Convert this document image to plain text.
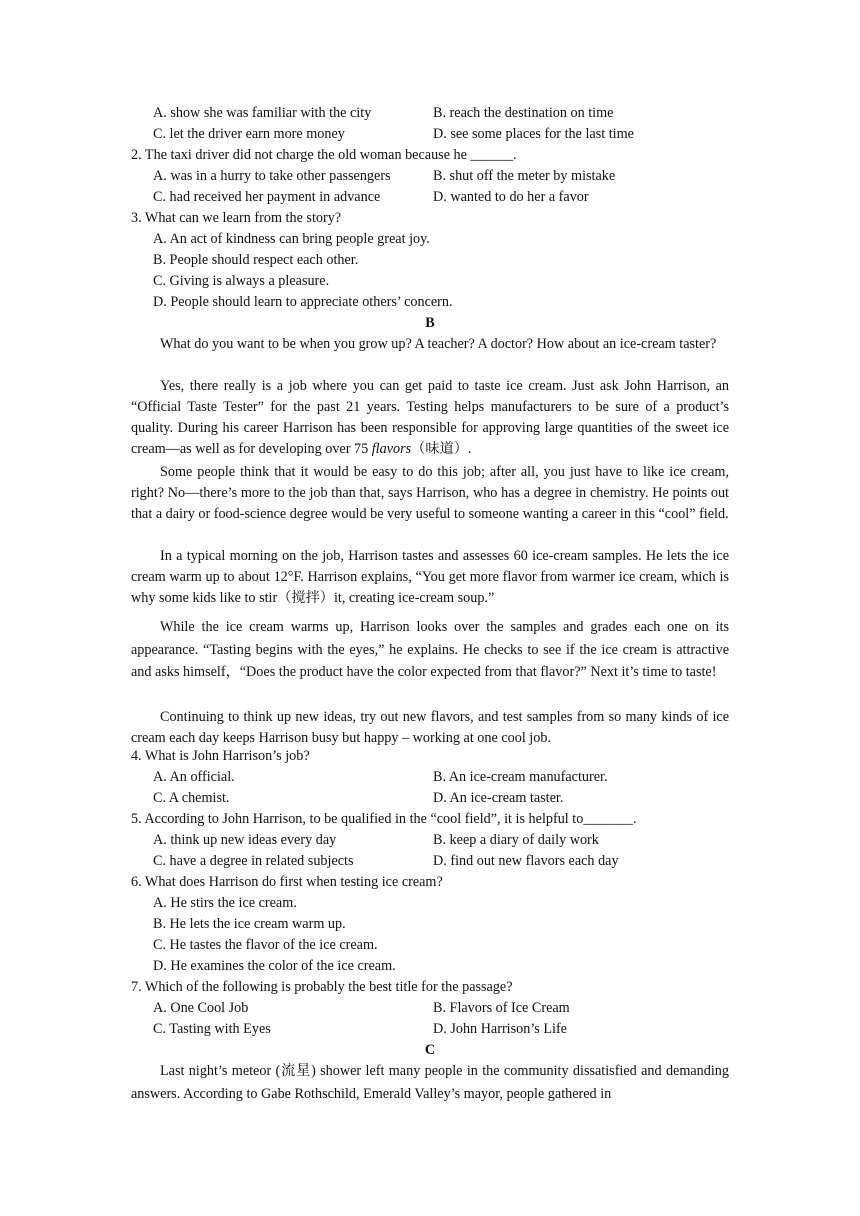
A. show she was familiar with the city	B. reach the destination on time
C. let the driver earn more money	D. see some places for the last time
2. The taxi driver did not charge the old woman because he ______.
A. was in a hurry to take other passengers	B. shut off the meter by mistake
C. had received her payment in advance	D. wanted to do her a favor
3. What can we learn from the story?
A. An act of kindness can bring people great joy.
B. People should respect each other.
C. Giving is always a pleasure.
D. People should learn to appreciate others’ concern.
B
What do you want to be when you grow up? A teacher? A doctor? How about an ice-cream taster?
Yes, there really is a job where you can get paid to taste ice cream. Just ask John Harrison, an “Official Taste Tester” for the past 21 years. Testing helps manufacturers to be sure of a product’s quality. During his career Harrison has been responsible for approving large quantities of the sweet ice cream—as well as for developing over 75 flavors（味道）.
Some people think that it would be easy to do this job; after all, you just have to like ice cream, right? No—there’s more to the job than that, says Harrison, who has a degree in chemistry. He points out that a dairy or food-science degree would be very useful to someone wanting a career in this “cool” field.
In a typical morning on the job, Harrison tastes and assesses 60 ice-cream samples. He lets the ice cream warm up to about 12°F. Harrison explains, “You get more flavor from warmer ice cream, which is why some kids like to stir（搅拌）it, creating ice-cream soup.”
While the ice cream warms up, Harrison looks over the samples and grades each one on its appearance. “Tasting begins with the eyes,” he explains. He checks to see if the ice cream is attractive and asks himself，“Does the product have the color expected from that flavor?” Next it’s time to taste!
Continuing to think up new ideas, try out new flavors, and test samples from so many kinds of ice cream each day keeps Harrison busy but happy – working at one cool job.
4. What is John Harrison’s job?
A. An official.	B. An ice-cream manufacturer.
C. A chemist.	D. An ice-cream taster.
5. According to John Harrison, to be qualified in the “cool field”, it is helpful to_______.
A. think up new ideas every day	B. keep a diary of daily work
C. have a degree in related subjects	D. find out new flavors each day
6. What does Harrison do first when testing ice cream?
A. He stirs the ice cream.
B. He lets the ice cream warm up.
C. He tastes the flavor of the ice cream.
D. He examines the color of the ice cream.
7. Which of the following is probably the best title for the passage?
A. One Cool Job	B. Flavors of Ice Cream
C. Tasting with Eyes	D. John Harrison’s Life
C
Last night’s meteor (流星) shower left many people in the community dissatisfied and demanding answers. According to Gabe Rothschild, Emerald Valley’s mayor, people gathered in
